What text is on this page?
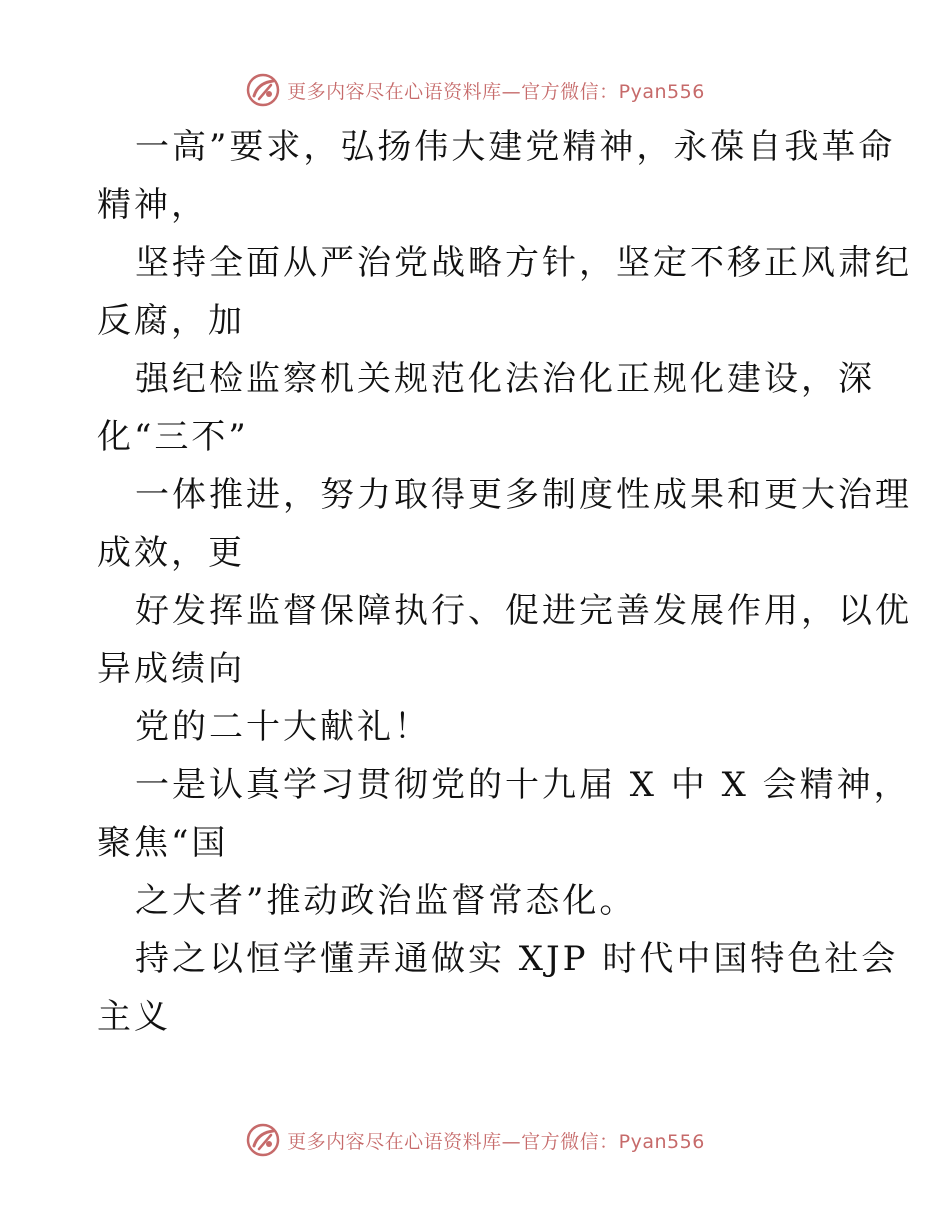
更多内容尽在心语资料库—官方微信：Pyan556
一高”要求，弘扬伟大建党精神，永葆自我革命
精神，
坚持全面从严治党战略方针，坚定不移正风肃纪
反腐，加
强纪检监察机关规范化法治化正规化建设，深
化“三不”
一体推进，努力取得更多制度性成果和更大治理
成效，更
好发挥监督保障执行、促进完善发展作用，以优
异成绩向
党的二十大献礼！
一是认真学习贯彻党的十九届 X 中 X 会精神，
聚焦“国
之大者”推动政治监督常态化。
持之以恒学懂弄通做实 XJP 时代中国特色社会
主义
更多内容尽在心语资料库—官方微信：Pyan556
